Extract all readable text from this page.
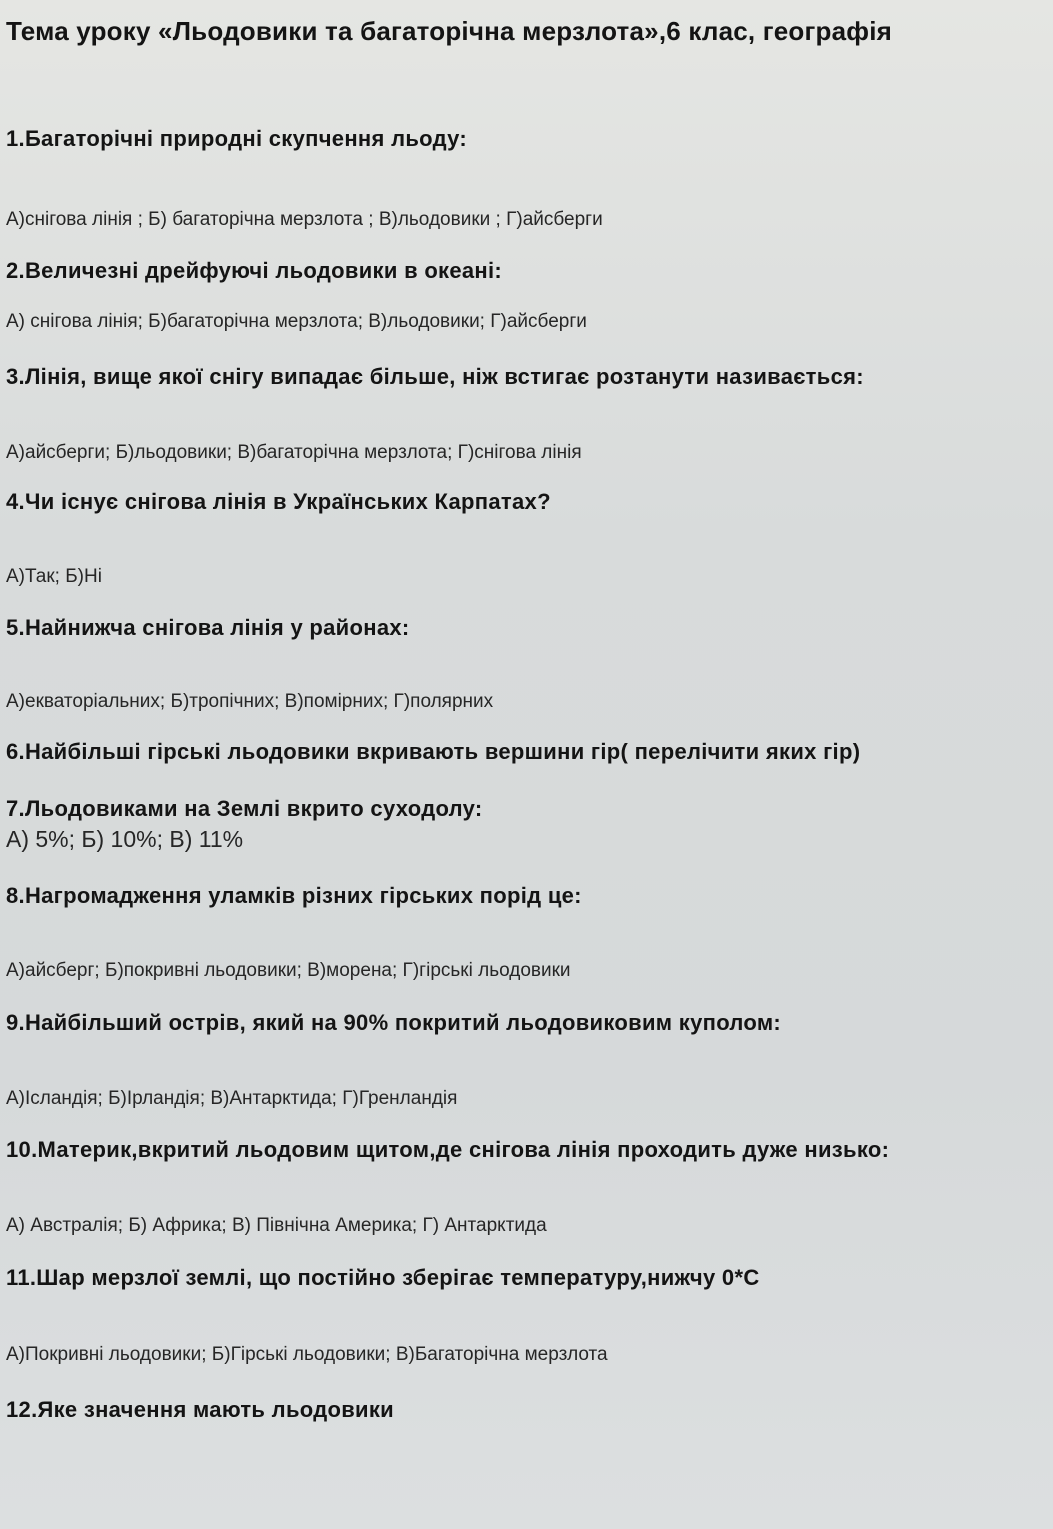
Тема уроку «Льодовики та багаторічна мерзлота»,6 клас, географія
1.Багаторічні природні скупчення льоду:
А)снігова лінія ; Б) багаторічна мерзлота ; В)льодовики ; Г)айсберги
2.Величезні дрейфуючі льодовики в океані:
А) снігова лінія; Б)багаторічна мерзлота; В)льодовики; Г)айсберги
3.Лінія, вище якої снігу випадає більше, ніж встигає розтанути називається:
А)айсберги; Б)льодовики; В)багаторічна мерзлота; Г)снігова лінія
4.Чи існує снігова лінія в Українських Карпатах?
А)Так; Б)Ні
5.Найнижча снігова лінія у районах:
А)екваторіальних; Б)тропічних; В)помірних; Г)полярних
6.Найбільші гірські льодовики вкривають вершини гір( перелічити яких гір)
7.Льодовиками на Землі вкрито суходолу:
А) 5%; Б) 10%; В) 11%
8.Нагромадження уламків різних гірських порід це:
А)айсберг; Б)покривні льодовики; В)морена; Г)гірські льодовики
9.Найбільший острів, який на 90% покритий льодовиковим куполом:
А)Ісландія; Б)Ірландія; В)Антарктида; Г)Гренландія
10.Материк,вкритий льодовим щитом,де снігова лінія проходить дуже низько:
А) Австралія; Б) Африка; В) Північна Америка; Г) Антарктида
11.Шар мерзлої землі, що постійно зберігає температуру,нижчу 0*С
А)Покривні льодовики; Б)Гірські льодовики; В)Багаторічна мерзлота
12.Яке значення мають льодовики
